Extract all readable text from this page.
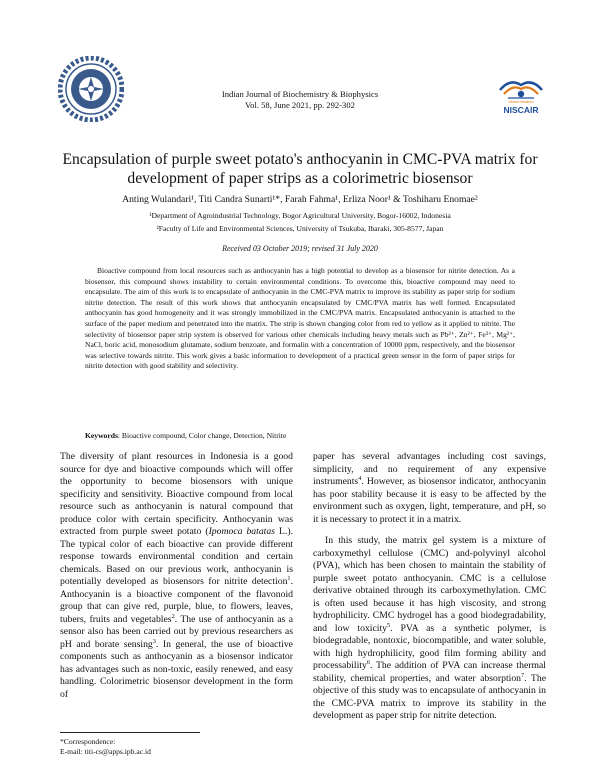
Indian Journal of Biochemistry & Biophysics
Vol. 58, June 2021, pp. 292-302	Dissemination
NISCAIR
Encapsulation of purple sweet potato's anthocyanin in CMC-PVA matrix for development of paper strips as a colorimetric biosensor
Anting Wulandari¹, Titi Candra Sunarti¹*, Farah Fahma¹, Erliza Noor¹ & Toshiharu Enomae²
¹Department of Agroindustrial Technology, Bogor Agricultural University, Bogor-16002, Indonesia
²Faculty of Life and Environmental Sciences, University of Tsukuba, Ibaraki, 305-8577, Japan
Received 03 October 2019; revised 31 July 2020

Bioactive compound from local resources such as anthocyanin has a high potential to develop as a biosensor for nitrite detection. As a biosensor, this compound shows instability to certain environmental conditions. To overcome this, bioactive compound may need to encapsulate. The aim of this work is to encapsulate of anthocyanin in the CMC-PVA matrix to improve its stability as paper strip for sodium nitrite detection. The result of this work shows that anthocyanin encapsulated by CMC/PVA matrix has well formed. Encapsulated anthocyanin has good homogeneity and it was strongly immobilized in the CMC/PVA matrix. Encapsulated anthocyanin is attached to the surface of the paper medium and penetrated into the matrix. The strip is shown changing color from red to yellow as it applied to nitrite. The selectivity of biosensor paper strip system is observed for various other chemicals including heavy metals such as Pb²⁺, Zn²⁺, Fe³⁺, Mg²⁺, NaCl, boric acid, monosodium glutamate, sodium benzoate, and formalin with a concentration of 10000 ppm, respectively, and the biosensor was selective towards nitrite. This work gives a basic information to development of a practical green sensor in the form of paper strips for nitrite detection with good stability and selectivity.

Keywords: Bioactive compound, Color change, Detection, Nitrite

The diversity of plant resources in Indonesia is a good source for dye and bioactive compounds which will offer the opportunity to become biosensors with unique specificity and sensitivity. Bioactive compound from local resource such as anthocyanin is natural compound that produce color with certain specificity. Anthocyanin was extracted from purple sweet potato (Ipomoca batatas L.). The typical color of each bioactive can provide different response towards environmental condition and certain chemicals. Based on our previous work, anthocyanin is potentially developed as biosensors for nitrite detection$^1$. Anthocyanin is a bioactive component of the flavonoid group that can give red, purple, blue, to flowers, leaves, tubers, fruits and vegetables$^2$. The use of anthocyanin as a sensor also has been carried out by previous researchers as pH and borate sensing$^3$. In general, the use of bioactive components such as anthocyanin as a biosensor indicator has advantages such as non-toxic, easily renewed, and easy handling. Colorimetric biosensor development in the form of

paper has several advantages including cost savings, simplicity, and no requirement of any expensive instruments$^4$. However, as biosensor indicator, anthocyanin has poor stability because it is easy to be affected by the environment such as oxygen, light, temperature, and pH, so it is necessary to protect it in a matrix.

In this study, the matrix gel system is a mixture of carboxymethyl cellulose (CMC) and-polyvinyl alcohol (PVA), which has been chosen to maintain the stability of purple sweet potato anthocyanin. CMC is a cellulose derivative obtained through its carboxymethylation. CMC is often used because it has high viscosity, and strong hydrophilicity. CMC hydrogel has a good biodegradability, and low toxicity$^5$. PVA as a synthetic polymer, is biodegradable, nontoxic, biocompatible, and water soluble, with high hydrophilicity, good film forming ability and processability$^6$. The addition of PVA can increase thermal stability, chemical properties, and water absorption$^7$. The objective of this study was to encapsulate of anthocyanin in the CMC-PVA matrix to improve its stability in the development as paper strip for nitrite detection.

*Correspondence:
E-mail: titi-cs@apps.ipb.ac.id
